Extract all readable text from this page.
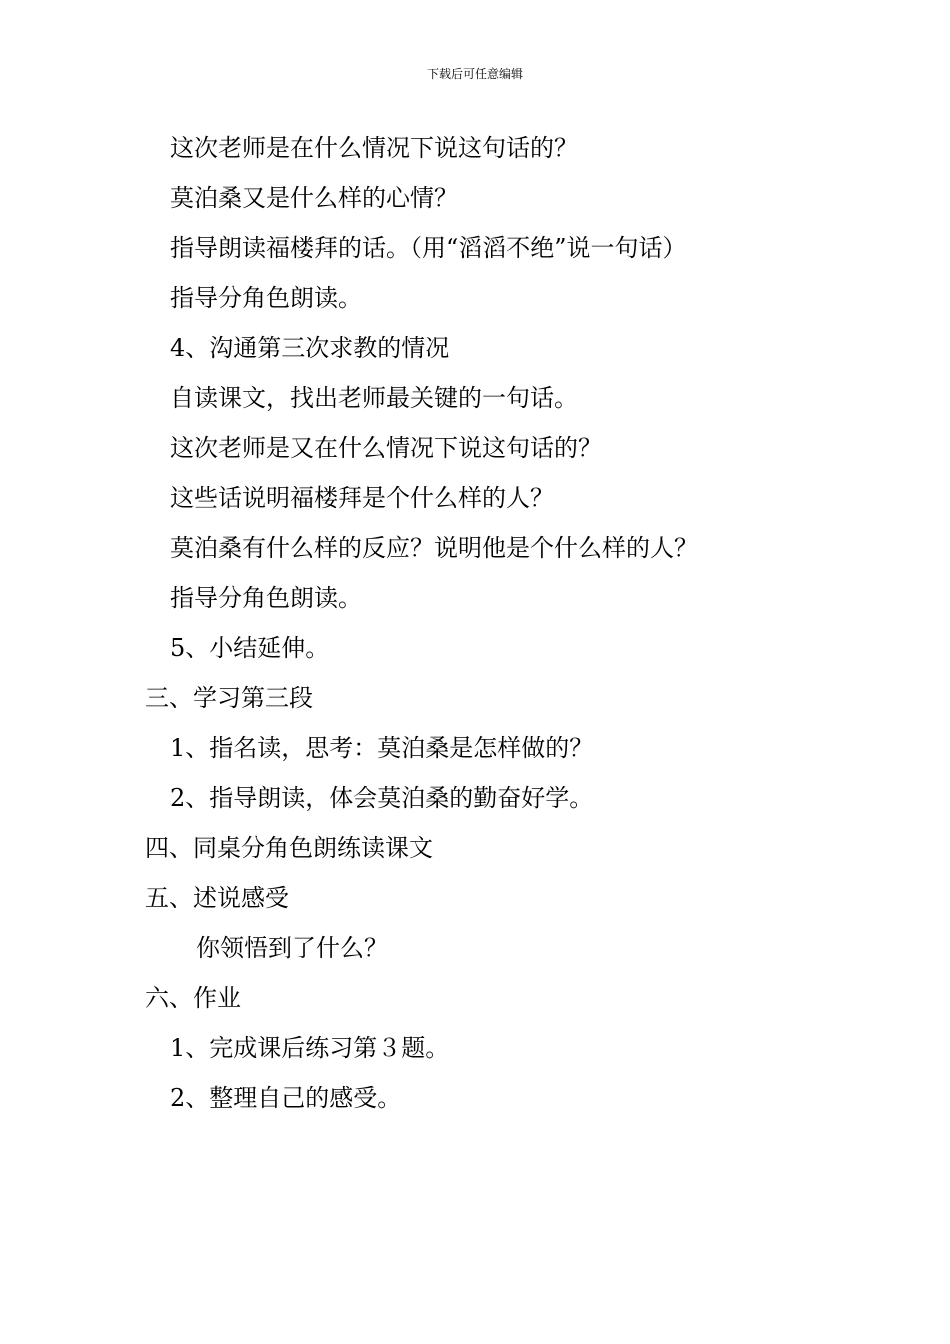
下载后可任意编辑
这次老师是在什么情况下说这句话的？
莫泊桑又是什么样的心情？
指导朗读福楼拜的话。（用“滔滔不绝”说一句话）
指导分角色朗读。
4、沟通第三次求教的情况
自读课文，找出老师最关键的一句话。
这次老师是又在什么情况下说这句话的？
这些话说明福楼拜是个什么样的人？
莫泊桑有什么样的反应？说明他是个什么样的人？
指导分角色朗读。
5、小结延伸。
三、学习第三段
1、指名读，思考：莫泊桑是怎样做的？
2、指导朗读，体会莫泊桑的勤奋好学。
四、同桌分角色朗练读课文
五、述说感受
你领悟到了什么？
六、作业
1、完成课后练习第３题。
2、整理自己的感受。
